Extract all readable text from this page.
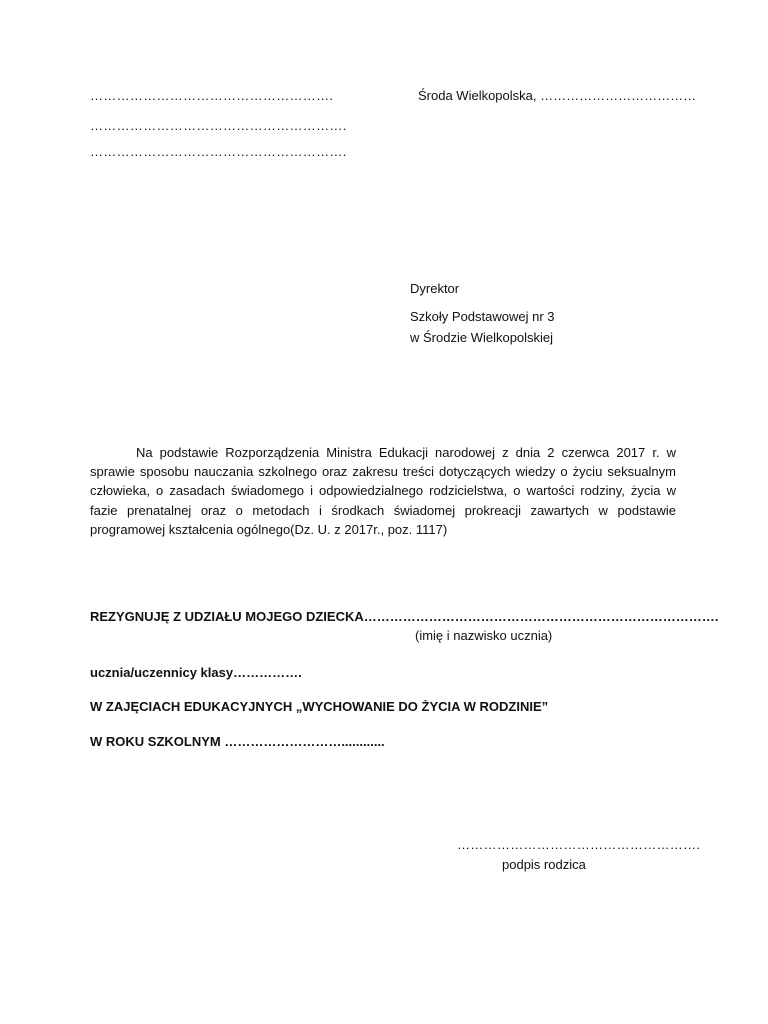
……………………………………………….
………………………………………………….
………………………………………………….
Środa Wielkopolska, ………………………………
Dyrektor
Szkoły Podstawowej nr 3
w Środzie Wielkopolskiej

Na podstawie Rozporządzenia Ministra Edukacji narodowej z dnia 2 czerwca 2017 r. w sprawie sposobu nauczania szkolnego oraz zakresu treści dotyczących wiedzy o życiu seksualnym człowieka, o zasadach świadomego i odpowiedzialnego rodzicielstwa, o wartości rodziny, życia w fazie prenatalnej oraz o metodach i środkach świadomej prokreacji zawartych w podstawie programowej kształcenia ogólnego(Dz. U. z 2017r., poz. 1117)

REZYGNUJĘ Z UDZIAŁU MOJEGO DZIECKA……………………………………………………………………….
(imię i nazwisko ucznia)
ucznia/uczennicy klasy…………….
W ZAJĘCIACH EDUKACYJNYCH „WYCHOWANIE DO ŻYCIA W RODZINIE”
W ROKU SZKOLNYM ………………………............
……………………………………………….
podpis rodzica
